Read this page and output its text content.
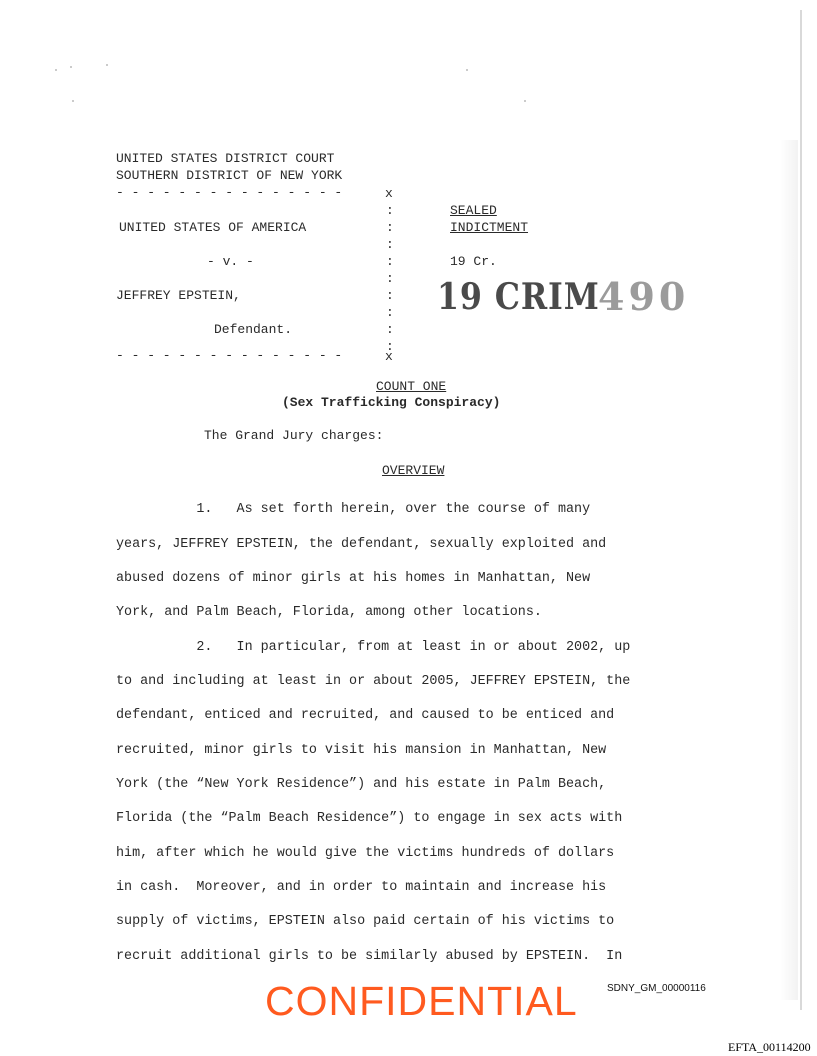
UNITED STATES DISTRICT COURT
SOUTHERN DISTRICT OF NEW YORK
- - - - - - - - - - - - - - -	x
:
:
:
:
:
:
:
:
:
UNITED STATES OF AMERICA
- v. -
JEFFREY EPSTEIN,
Defendant.
- - - - - - - - - - - - - - -	x
SEALED
INDICTMENT
19 Cr.
19 CRIM
490
COUNT ONE
(Sex Trafficking Conspiracy)
The Grand Jury charges:
OVERVIEW
1.   As set forth herein, over the course of many
years, JEFFREY EPSTEIN, the defendant, sexually exploited and
abused dozens of minor girls at his homes in Manhattan, New
York, and Palm Beach, Florida, among other locations.
2.   In particular, from at least in or about 2002, up
to and including at least in or about 2005, JEFFREY EPSTEIN, the
defendant, enticed and recruited, and caused to be enticed and
recruited, minor girls to visit his mansion in Manhattan, New
York (the “New York Residence”) and his estate in Palm Beach,
Florida (the “Palm Beach Residence”) to engage in sex acts with
him, after which he would give the victims hundreds of dollars
in cash.  Moreover, and in order to maintain and increase his
supply of victims, EPSTEIN also paid certain of his victims to
recruit additional girls to be similarly abused by EPSTEIN.  In
CONFIDENTIAL	SDNY_GM_00000116
EFTA_00114200
